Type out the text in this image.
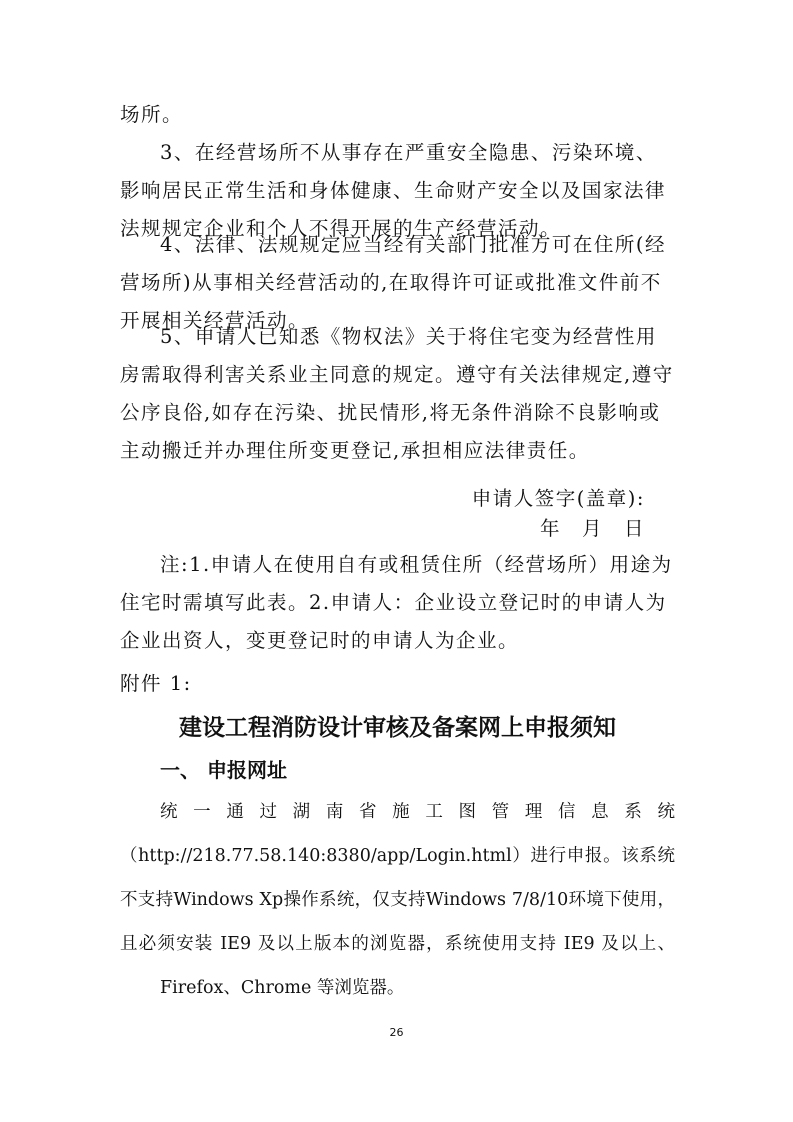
场所。

3、在经营场所不从事存在严重安全隐患、污染环境、影响居民正常生活和身体健康、生命财产安全以及国家法律法规规定企业和个人不得开展的生产经营活动。

4、法律、法规规定应当经有关部门批准方可在住所(经营场所)从事相关经营活动的,在取得许可证或批准文件前不开展相关经营活动。

5、申请人已知悉《物权法》关于将住宅变为经营性用房需取得利害关系业主同意的规定。遵守有关法律规定,遵守公序良俗,如存在污染、扰民情形,将无条件消除不良影响或主动搬迁并办理住所变更登记,承担相应法律责任。

申请人签字(盖章):
年　月　日

注:1.申请人在使用自有或租赁住所（经营场所）用途为住宅时需填写此表。2.申请人：企业设立登记时的申请人为企业出资人，变更登记时的申请人为企业。

附件 1:

建设工程消防设计审核及备案网上申报须知
一、 申报网址
统一通过湖南省施工图管理信息系统（http://218.77.58.140:8380/app/Login.html）进行申报。该系统不支持Windows Xp操作系统，仅支持Windows 7/8/10环境下使用，且必须安装 IE9 及以上版本的浏览器，系统使用支持 IE9 及以上、
Firefox、Chrome 等浏览器。
26
